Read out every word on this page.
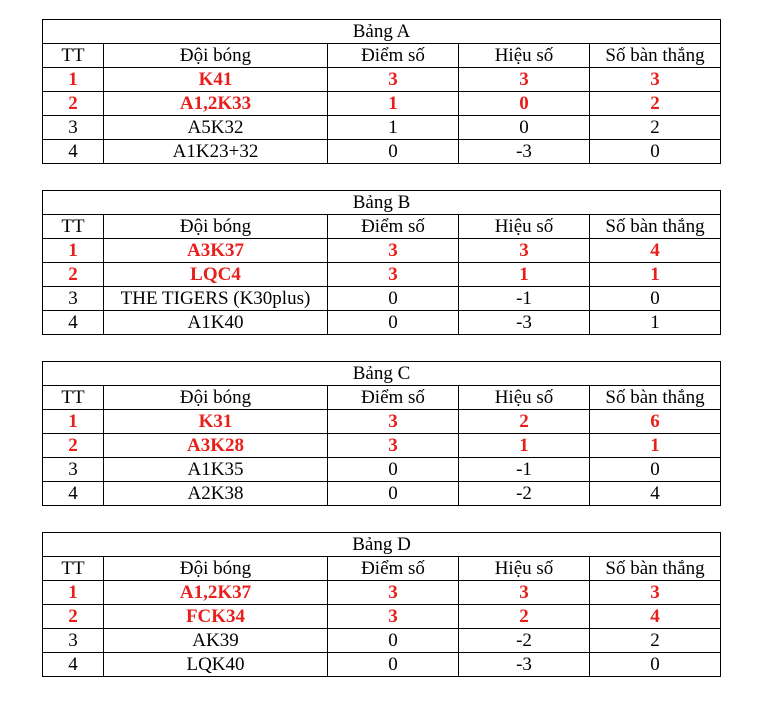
Bảng A				
TT	Đội bóng	Điểm số	Hiệu số	Số bàn thắng
1	K41	3	3	3
2	A1,2K33	1	0	2
3	A5K32	1	0	2
4	A1K23+32	0	-3	0
Bảng B				
TT	Đội bóng	Điểm số	Hiệu số	Số bàn thắng
1	A3K37	3	3	4
2	LQC4	3	1	1
3	THE TIGERS (K30plus)	0	-1	0
4	A1K40	0	-3	1
Bảng C				
TT	Đội bóng	Điểm số	Hiệu số	Số bàn thắng
1	K31	3	2	6
2	A3K28	3	1	1
3	A1K35	0	-1	0
4	A2K38	0	-2	4
Bảng D				
TT	Đội bóng	Điểm số	Hiệu số	Số bàn thắng
1	A1,2K37	3	3	3
2	FCK34	3	2	4
3	AK39	0	-2	2
4	LQK40	0	-3	0
